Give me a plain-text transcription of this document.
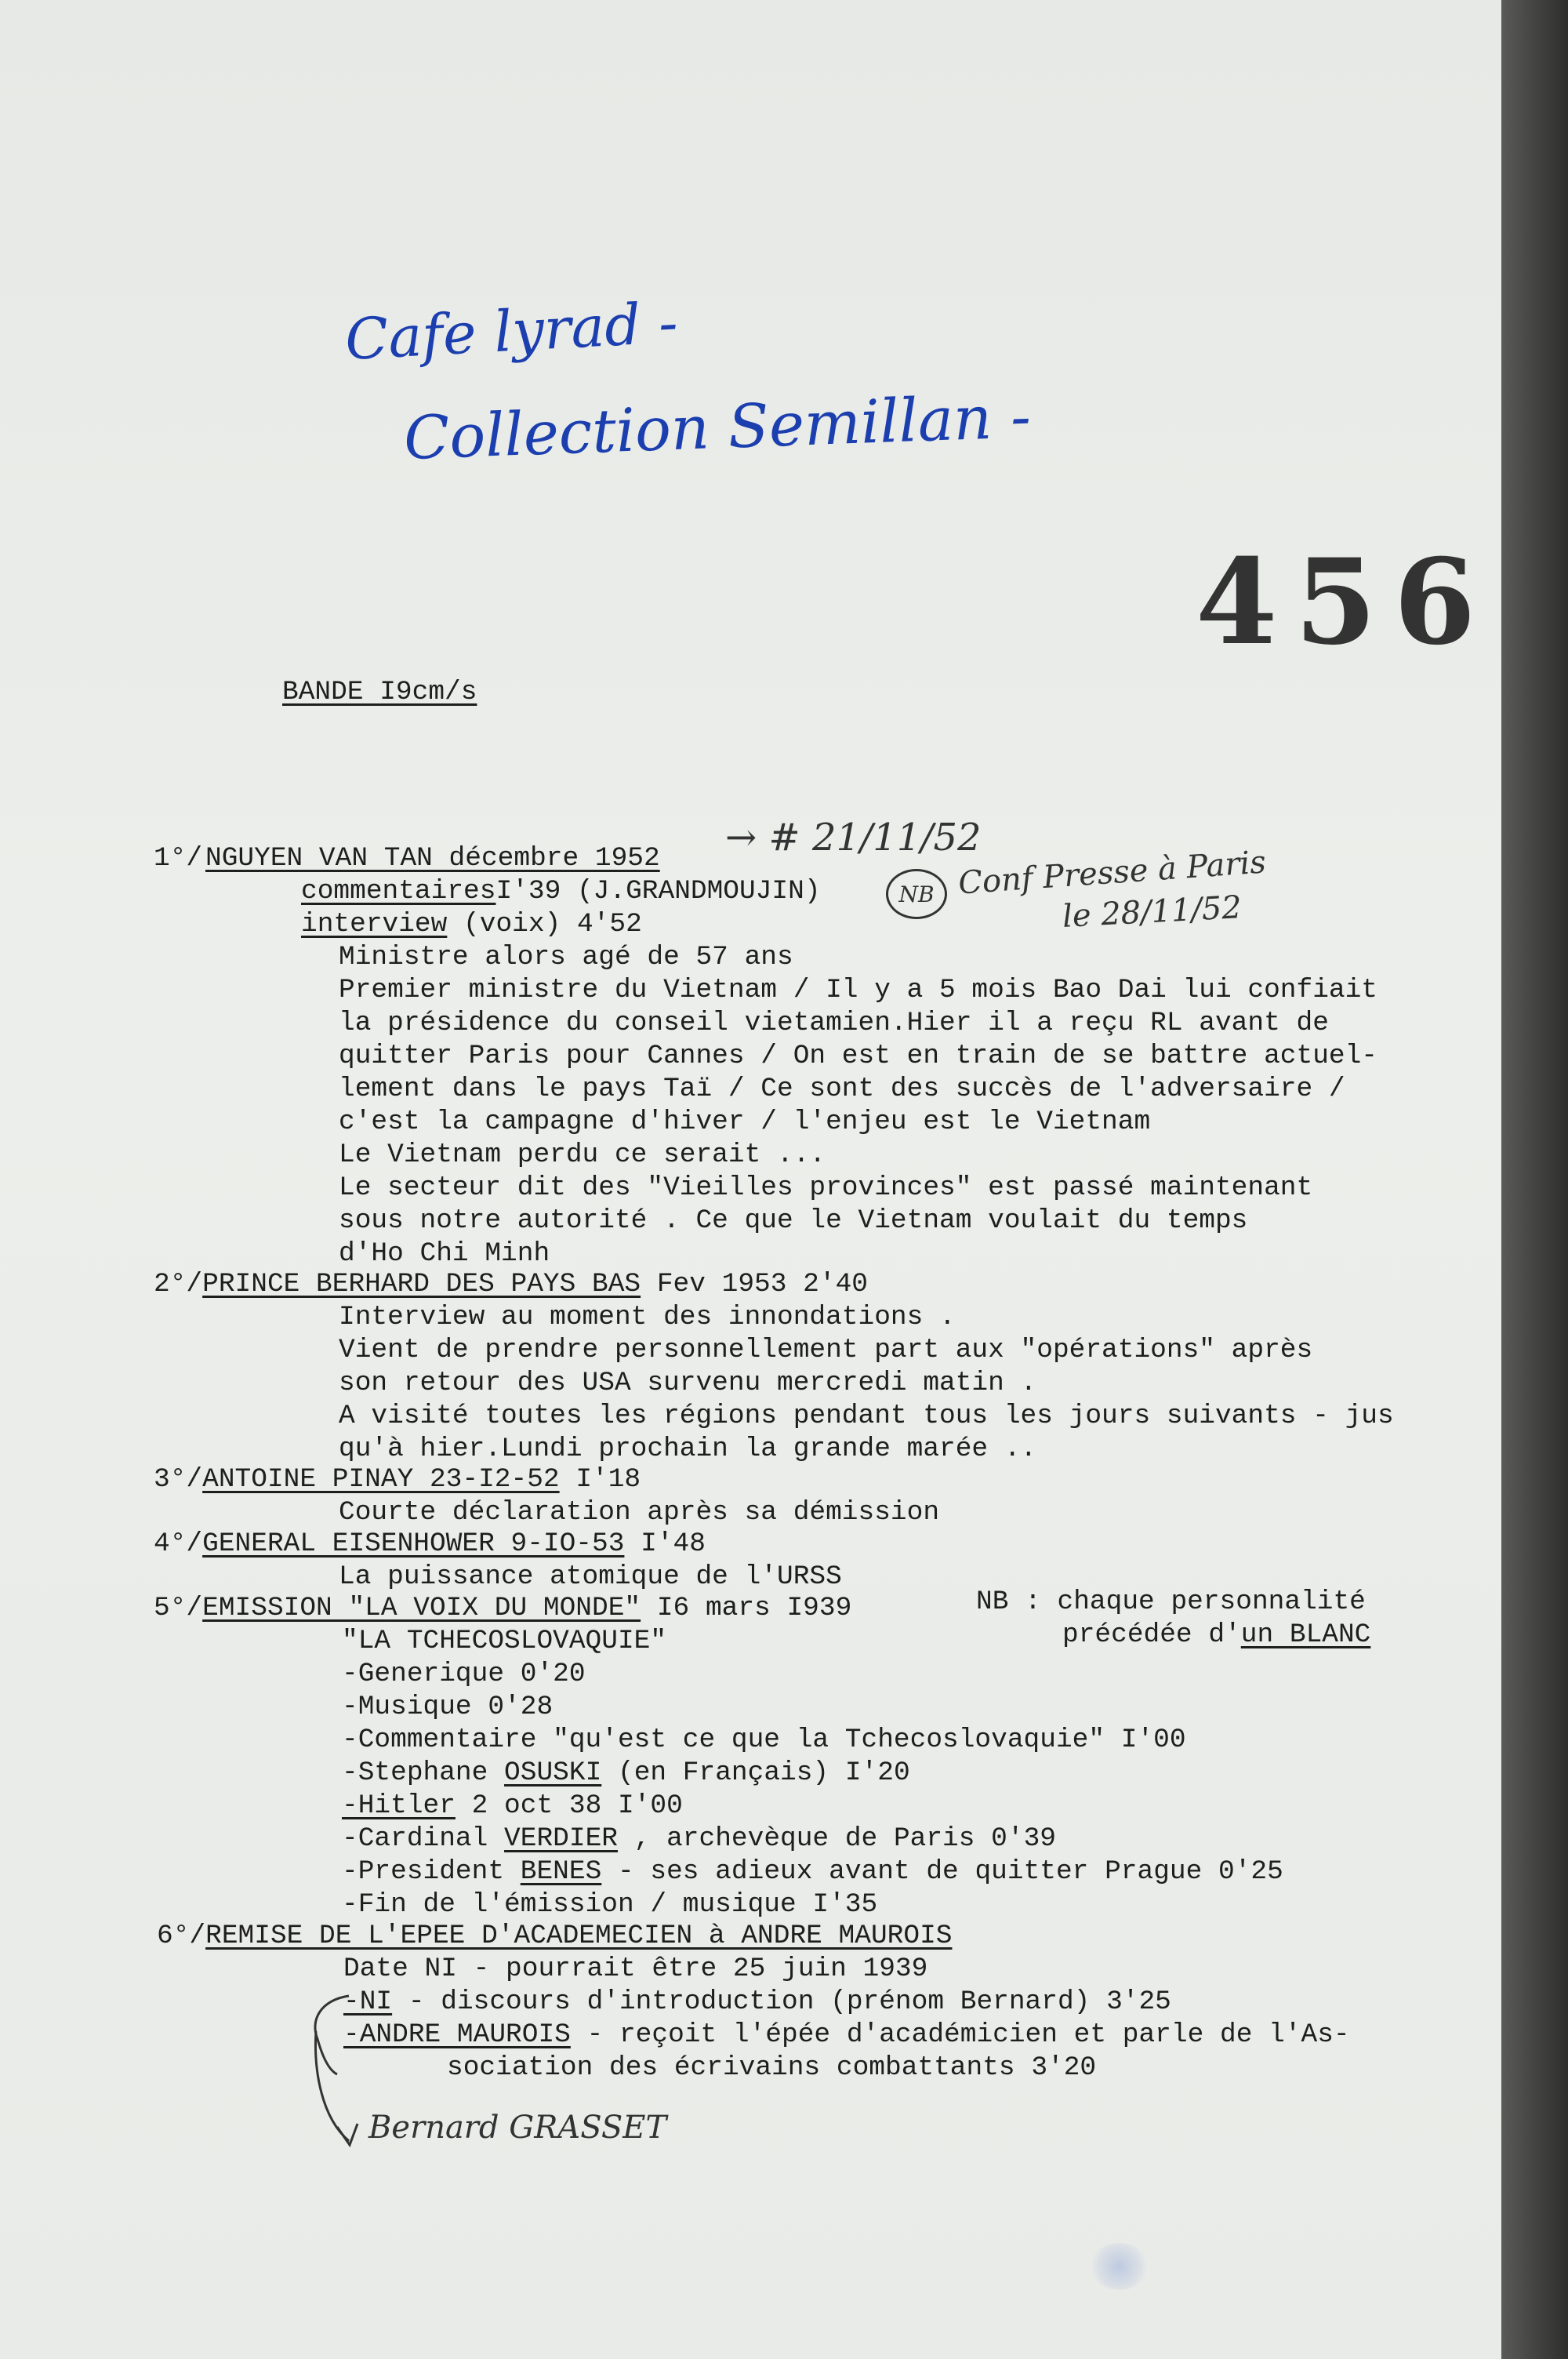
Cafe lyrad -
Collection Semillan -
456
BANDE I9cm/s
1°/ NGUYEN VAN TAN décembre 1952 → # 21/11/52
commentairesI'39 (J.GRANDMOUJIN)	NB Conf Presse à Paris
le 28/11/52
interview (voix) 4'52
Ministre alors agé de 57 ans
Premier ministre du Vietnam / Il y a 5 mois Bao Dai lui confiait
la présidence du conseil vietamien.Hier il a reçu RL avant de
quitter Paris pour Cannes / On est en train de se battre actuel-
lement dans le pays Taï / Ce sont des succès de l'adversaire /
c'est la campagne d'hiver / l'enjeu est le Vietnam
Le Vietnam perdu ce serait ...
Le secteur dit des "Vieilles provinces" est passé maintenant
sous notre autorité . Ce que le Vietnam voulait du temps
d'Ho Chi Minh
2°/PRINCE BERHARD DES PAYS BAS Fev 1953 2'40
Interview au moment des innondations .
Vient de prendre personnellement part aux "opérations" après
son retour des USA survenu mercredi matin .
A visité toutes les régions pendant tous les jours suivants - jus
qu'à hier.Lundi prochain la grande marée ..
3°/ANTOINE PINAY 23-I2-52 I'18
Courte déclaration après sa démission
4°/GENERAL EISENHOWER 9-IO-53 I'48
La puissance atomique de l'URSS
5°/EMISSION "LA VOIX DU MONDE" I6 mars I939	NB : chaque personnalité
précédée d'un BLANC
"LA TCHECOSLOVAQUIE"
-Generique 0'20
-Musique 0'28
-Commentaire "qu'est ce que la Tchecoslovaquie" I'00
-Stephane OSUSKI (en Français) I'20
-Hitler 2 oct 38 I'00
-Cardinal VERDIER , archevèque de Paris 0'39
-President BENES - ses adieux avant de quitter Prague 0'25
-Fin de l'émission / musique I'35
6°/REMISE DE L'EPEE D'ACADEMECIEN à ANDRE MAUROIS
Date NI - pourrait être 25 juin 1939
-NI - discours d'introduction (prénom Bernard) 3'25
-ANDRE MAUROIS - reçoit l'épée d'académicien et parle de l'As-
sociation des écrivains combattants 3'20
Bernard GRASSET
